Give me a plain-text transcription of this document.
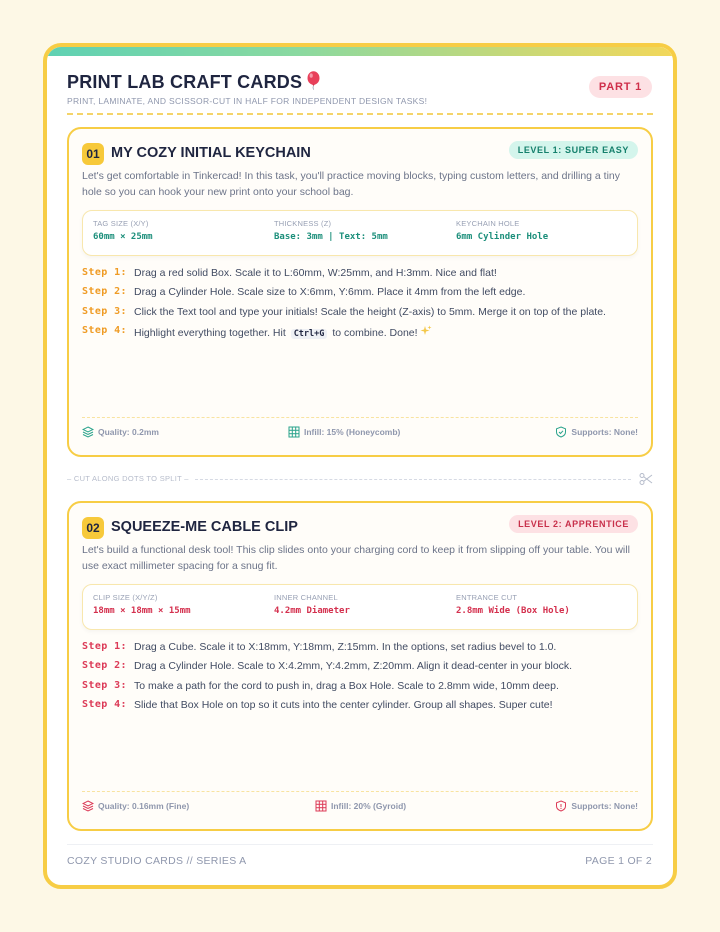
PRINT LAB CRAFT CARDS
PRINT, LAMINATE, AND SCISSOR-CUT IN HALF FOR INDEPENDENT DESIGN TASKS!
PART 1
01 MY COZY INITIAL KEYCHAIN	LEVEL 1: SUPER EASY
Let's get comfortable in Tinkercad! In this task, you'll practice moving blocks, typing custom letters, and drilling a tiny hole so you can hook your new print onto your school bag.
TAG SIZE (X/Y)
60mm × 25mm
THICKNESS (Z)
Base: 3mm | Text: 5mm
KEYCHAIN HOLE
6mm Cylinder Hole
Step 1: Drag a red solid Box. Scale it to L:60mm, W:25mm, and H:3mm. Nice and flat!
Step 2: Drag a Cylinder Hole. Scale size to X:6mm, Y:6mm. Place it 4mm from the left edge.
Step 3: Click the Text tool and type your initials! Scale the height (Z-axis) to 5mm. Merge it on top of the plate.
Step 4: Highlight everything together. Hit Ctrl+G to combine. Done!
Quality: 0.2mm	Infill: 15% (Honeycomb)	Supports: None!
– CUT ALONG DOTS TO SPLIT –
02 SQUEEZE-ME CABLE CLIP	LEVEL 2: APPRENTICE
Let's build a functional desk tool! This clip slides onto your charging cord to keep it from slipping off your table. You will use exact millimeter spacing for a snug fit.
CLIP SIZE (X/Y/Z)
18mm × 18mm × 15mm
INNER CHANNEL
4.2mm Diameter
ENTRANCE CUT
2.8mm Wide (Box Hole)
Step 1: Drag a Cube. Scale it to X:18mm, Y:18mm, Z:15mm. In the options, set radius bevel to 1.0.
Step 2: Drag a Cylinder Hole. Scale to X:4.2mm, Y:4.2mm, Z:20mm. Align it dead-center in your block.
Step 3: To make a path for the cord to push in, drag a Box Hole. Scale to 2.8mm wide, 10mm deep.
Step 4: Slide that Box Hole on top so it cuts into the center cylinder. Group all shapes. Super cute!
Quality: 0.16mm (Fine)	Infill: 20% (Gyroid)	Supports: None!
COZY STUDIO CARDS // SERIES A	PAGE 1 OF 2
